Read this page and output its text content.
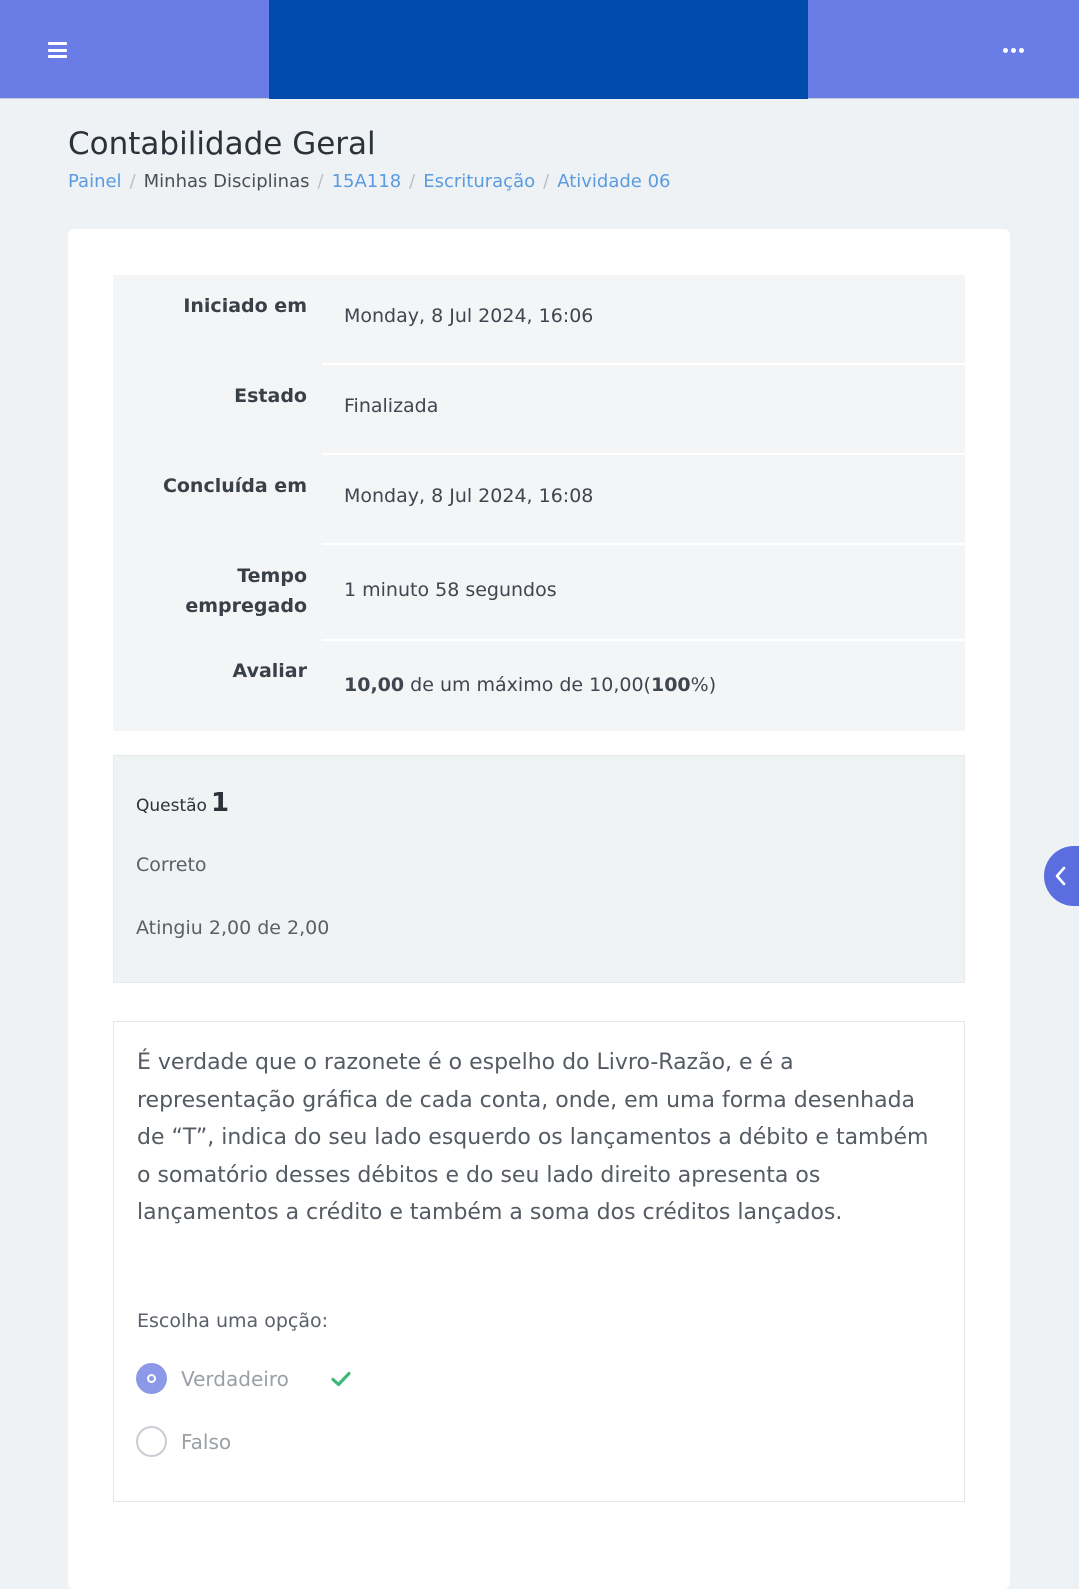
Contabilidade Geral
Painel / Minhas Disciplinas / 15A118 / Escrituração / Atividade 06
Iniciado em Monday, 8 Jul 2024, 16:06
Estado Finalizada
Concluída em Monday, 8 Jul 2024, 16:08
Tempo
empregado
1 minuto 58 segundos
Avaliar
10,00 de um máximo de 10,00(100%)
Questão 1
Correto
Atingiu 2,00 de 2,00

É verdade que o razonete é o espelho do Livro-Razão, e é a representação gráfica de cada conta, onde, em uma forma desenhada de “T”, indica do seu lado esquerdo os lançamentos a débito e também o somatório desses débitos e do seu lado direito apresenta os lançamentos a crédito e também a soma dos créditos lançados.

Escolha uma opção:
Verdadeiro
Falso
